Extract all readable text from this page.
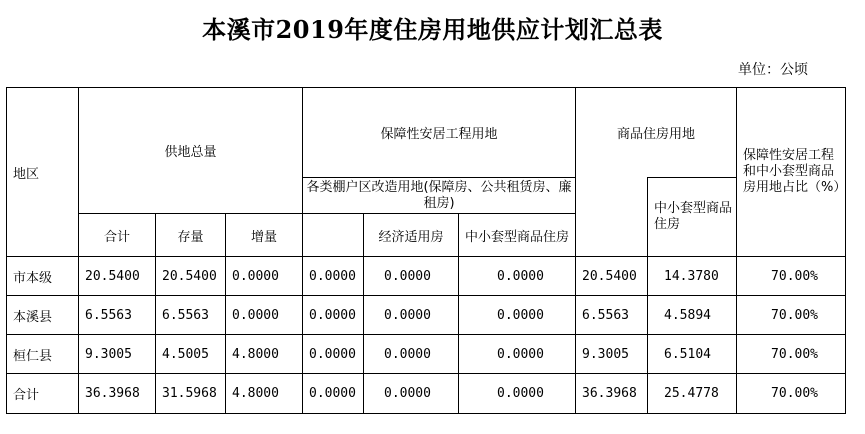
本溪市2019年度住房用地供应计划汇总表
单位：公顷
地区	供地总量			保障性安居工程用地			商品住房用地		保障性安居工程和中小套型商品房用地占比（%）
				各类棚户区改造用地(保障房、公共租赁房、廉租房)				中小套型商品住房	
	合计	存量	增量		经济适用房	中小套型商品住房			
市本级	20.5400	20.5400	0.0000	0.0000	0.0000	0.0000	20.5400	14.3780	70.00%
本溪县	6.5563	6.5563	0.0000	0.0000	0.0000	0.0000	6.5563	4.5894	70.00%
桓仁县	9.3005	4.5005	4.8000	0.0000	0.0000	0.0000	9.3005	6.5104	70.00%
合计	36.3968	31.5968	4.8000	0.0000	0.0000	0.0000	36.3968	25.4778	70.00%
